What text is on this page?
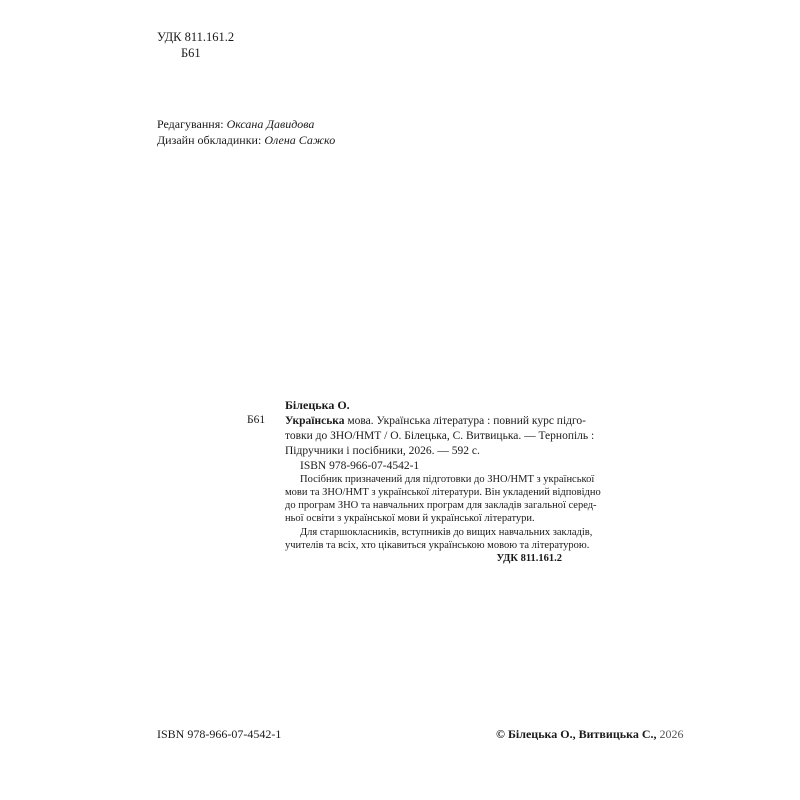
УДК 811.161.2
Б61
Редагування: Оксана Давидова
Дизайн обкладинки: Олена Сажко
Білецька О.
Б61 Українська мова. Українська література : повний курс підго-
товки до ЗНО/НМТ / О. Білецька, С. Витвицька. — Тернопіль :
Підручники і посібники, 2026. — 592 с.
ISBN 978-966-07-4542-1
Посібник призначений для підготовки до ЗНО/НМТ з української
мови та ЗНО/НМТ з української літератури. Він укладений відповідно
до програм ЗНО та навчальних програм для закладів загальної серед-
ньої освіти з української мови й української літератури.
Для старшокласників, вступників до вищих навчальних закладів,
учителів та всіх, хто цікавиться українською мовою та літературою.
УДК 811.161.2
ISBN 978-966-07-4542-1	© Білецька О., Витвицька С., 2026
